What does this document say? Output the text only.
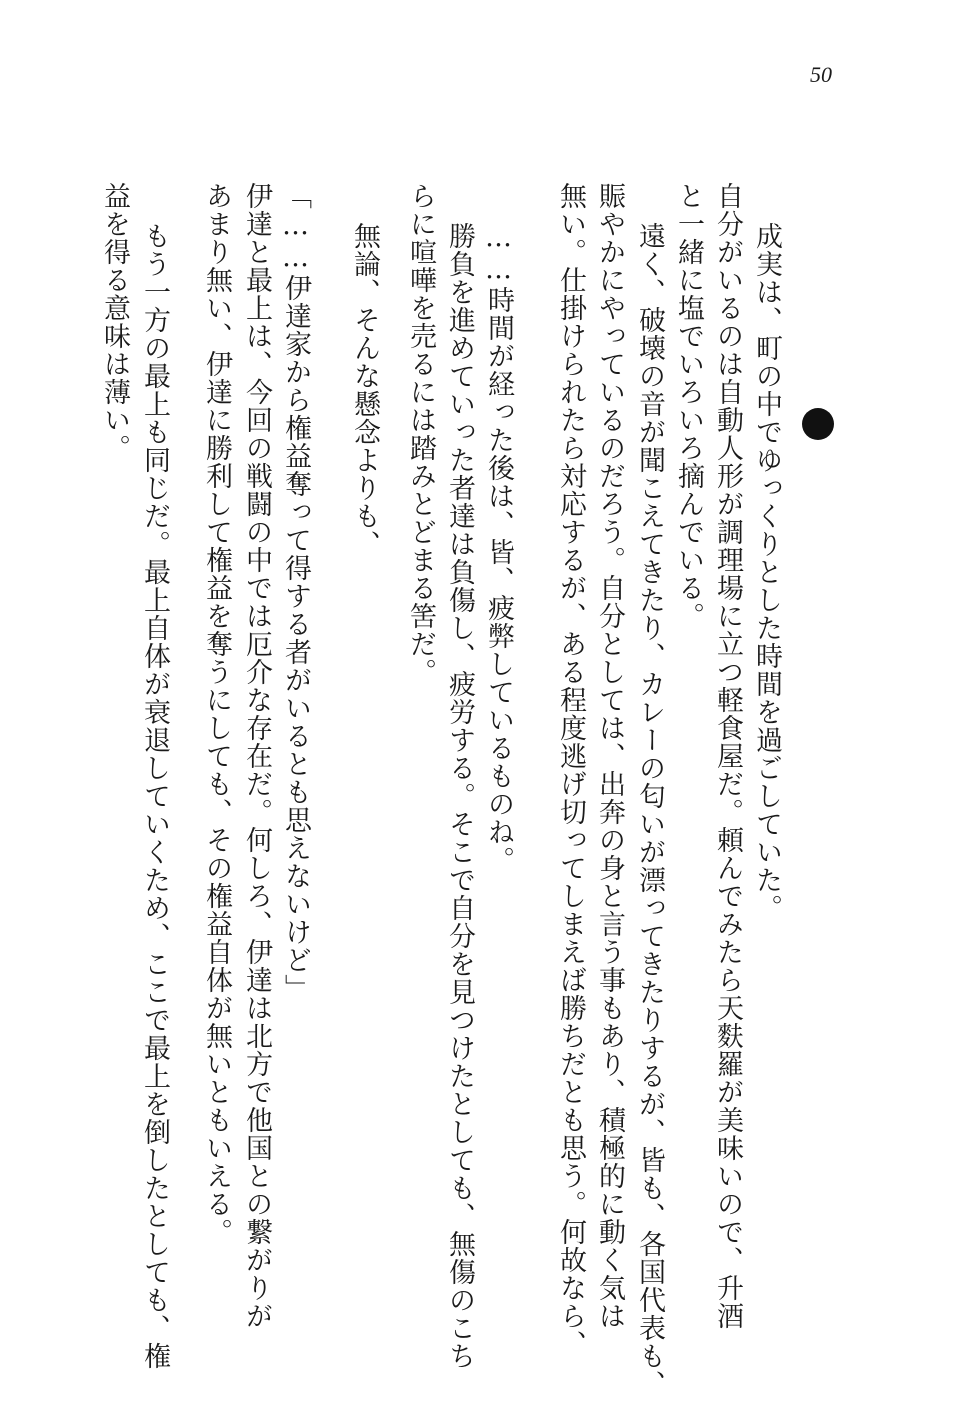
50
成実は、町の中でゆっくりとした時間を過ごしていた。
自分がいるのは自動人形が調理場に立つ軽食屋だ。頼んでみたら天麩羅が美味いので、升酒
と一緒に塩でいろいろ摘んでいる。
遠く、破壊の音が聞こえてきたり、カレーの匂いが漂ってきたりするが、皆も、各国代表も、
賑やかにやっているのだろう。自分としては、出奔の身と言う事もあり、積極的に動く気は
無い。仕掛けられたら対応するが、ある程度逃げ切ってしまえば勝ちだとも思う。何故なら、
……時間が経った後は、皆、疲弊しているものね。
勝負を進めていった者達は負傷し、疲労する。そこで自分を見つけたとしても、無傷のこち
らに喧嘩を売るには踏みとどまる筈だ。
無論、そんな懸念よりも、
「……伊達家から権益奪って得する者がいるとも思えないけど」
伊達と最上は、今回の戦闘の中では厄介な存在だ。何しろ、伊達は北方で他国との繋がりが
あまり無い、伊達に勝利して権益を奪うにしても、その権益自体が無いともいえる。
もう一方の最上も同じだ。最上自体が衰退していくため、ここで最上を倒したとしても、権
益を得る意味は薄い。
